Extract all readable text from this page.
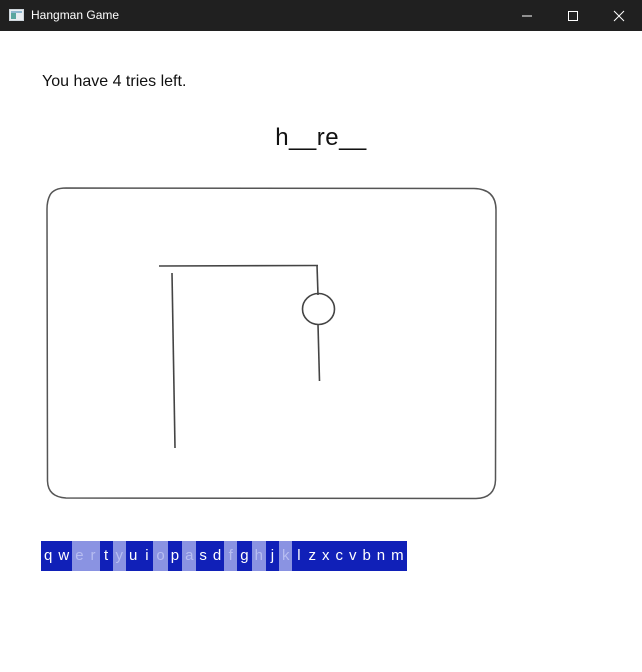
Hangman Game
You have 4 tries left.
h__re__
q w e r t y u i o p a s d f g h j k l z x c v b n m
